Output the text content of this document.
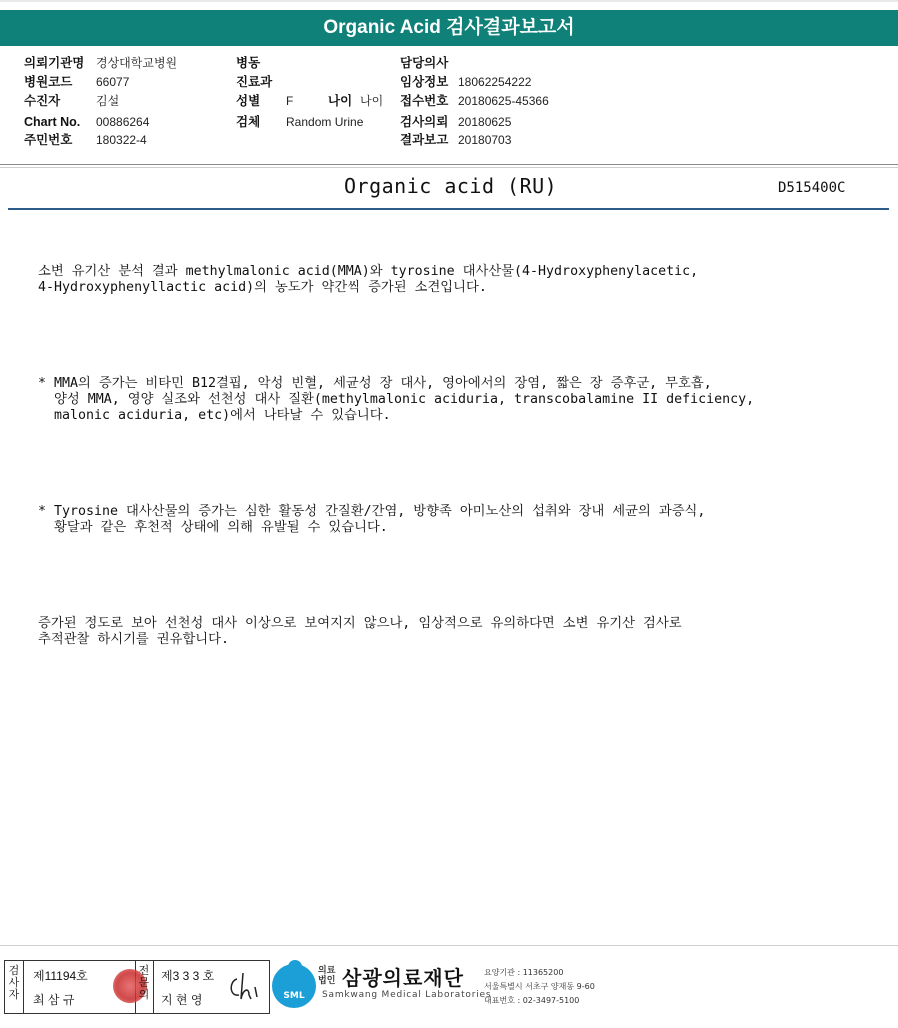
Organic Acid 검사결과보고서
의뢰기관명 경상대학교병원
병원코드 66077
수진자	김설
Chart No. 00886264
주민번호 180322-4
병동
진료과
성별 F	나이 나이
검체 Random Urine
담당의사
임상정보 18062254222
접수번호 20180625-45366
검사의뢰 20180625
결과보고 20180703
Organic acid (RU)	D515400C

소변 유기산 분석 결과 methylmalonic acid(MMA)와 tyrosine 대사산물(4-Hydroxyphenylacetic,
4-Hydroxyphenyllactic acid)의 농도가 약간씩 증가된 소견입니다.

* MMA의 증가는 비타민 B12결핍, 악성 빈혈, 세균성 장 대사, 영아에서의 장염, 짧은 장 증후군, 무호흡,
양성 MMA, 영양 실조와 선천성 대사 질환(methylmalonic aciduria, transcobalamine II deficiency,
malonic aciduria, etc)에서 나타날 수 있습니다.

* Tyrosine 대사산물의 증가는 심한 활동성 간질환/간염, 방향족 아미노산의 섭취와 장내 세균의 과증식,
황달과 같은 후천적 상태에 의해 유발될 수 있습니다.

증가된 정도로 보아 선천성 대사 이상으로 보여지지 않으나, 임상적으로 유의하다면 소변 유기산 검사로
추적관찰 하시기를 권유합니다.

검사자
제11194호
최 삼 규
전문의
제3 3 3 호
지 현 영	SML
의료
법인 삼광의료재단
Samkwang Medical Laboratories
요양기관 : 11365200
서울특별시 서초구 양재동 9-60
대표번호 : 02-3497-5100
